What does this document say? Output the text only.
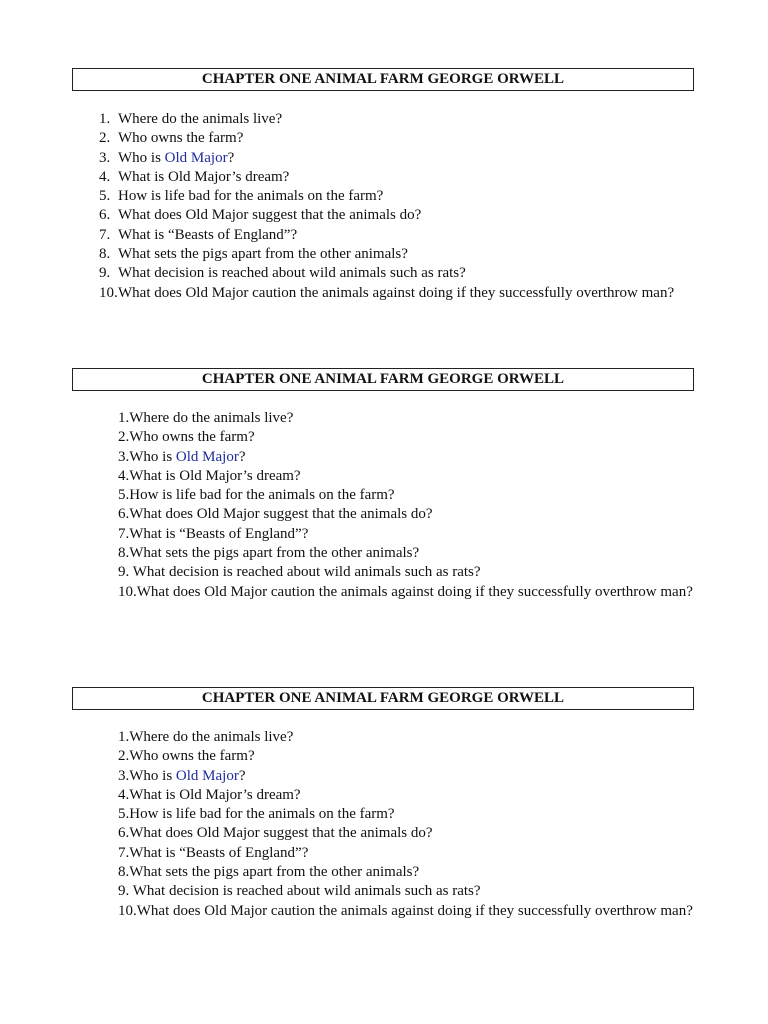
CHAPTER ONE ANIMAL FARM GEORGE ORWELL
1. Where do the animals live?
2. Who owns the farm?
3. Who is Old Major?
4. What is Old Major’s dream?
5. How is life bad for the animals on the farm?
6. What does Old Major suggest that the animals do?
7. What is “Beasts of England”?
8. What sets the pigs apart from the other animals?
9. What decision is reached about wild animals such as rats?
10.What does Old Major caution the animals against doing if they successfully overthrow man?
CHAPTER ONE ANIMAL FARM GEORGE ORWELL
1.Where do the animals live?
2.Who owns the farm?
3.Who is Old Major?
4.What is Old Major’s dream?
5.How is life bad for the animals on the farm?
6.What does Old Major suggest that the animals do?
7.What is “Beasts of England”?
8.What sets the pigs apart from the other animals?
9. What decision is reached about wild animals such as rats?
10.What does Old Major caution the animals against doing if they successfully overthrow man?
CHAPTER ONE ANIMAL FARM GEORGE ORWELL
1.Where do the animals live?
2.Who owns the farm?
3.Who is Old Major?
4.What is Old Major’s dream?
5.How is life bad for the animals on the farm?
6.What does Old Major suggest that the animals do?
7.What is “Beasts of England”?
8.What sets the pigs apart from the other animals?
9. What decision is reached about wild animals such as rats?
10.What does Old Major caution the animals against doing if they successfully overthrow man?
